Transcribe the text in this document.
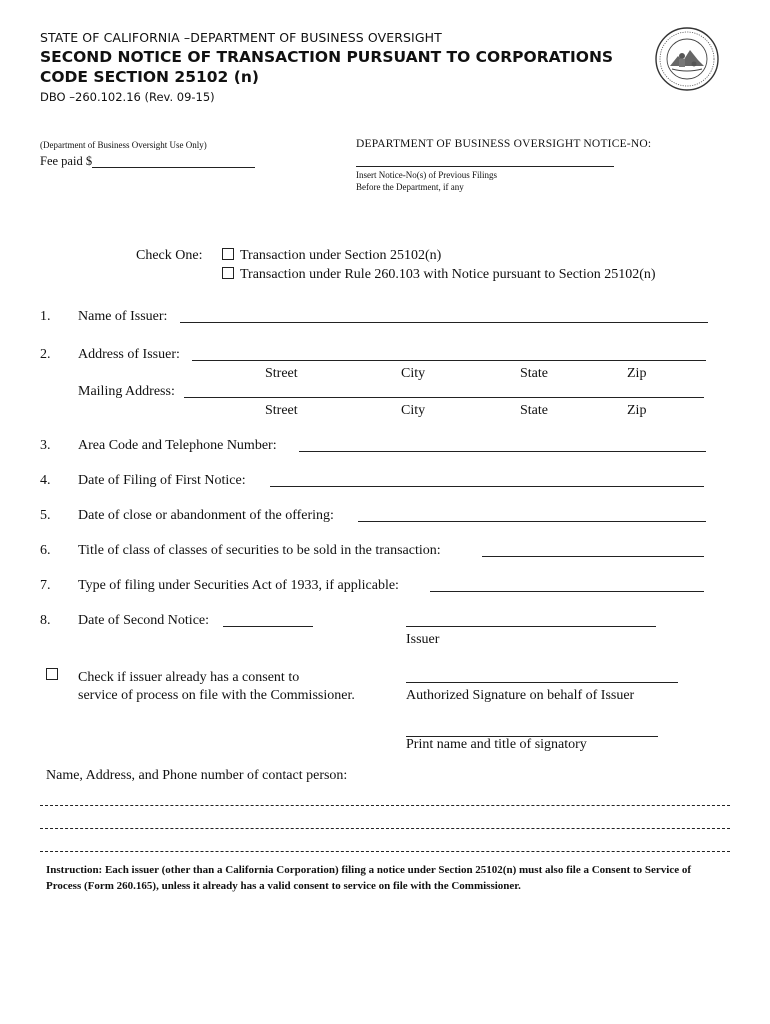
STATE OF CALIFORNIA –DEPARTMENT OF BUSINESS OVERSIGHT
SECOND NOTICE OF TRANSACTION PURSUANT TO CORPORATIONS
CODE SECTION 25102 (n)
DBO –260.102.16 (Rev. 09-15)
(Department of Business Oversight Use Only)
Fee paid $
DEPARTMENT OF BUSINESS OVERSIGHT NOTICE-NO:
Insert Notice-No(s) of Previous Filings
Before the Department, if any
Check One:	Transaction under Section 25102(n)
Transaction under Rule 260.103 with Notice pursuant to Section 25102(n)
1. Name of Issuer:
2. Address of Issuer:
Street	City	State	Zip
Mailing Address:
Street	City	State	Zip
3. Area Code and Telephone Number:
4. Date of Filing of First Notice:
5. Date of close or abandonment of the offering:
6. Title of class of classes of securities to be sold in the transaction:
7. Type of filing under Securities Act of 1933, if applicable:
8. Date of Second Notice:
Issuer
Check if issuer already has a consent to
service of process on file with the Commissioner.	Authorized Signature on behalf of Issuer
Print name and title of signatory
Name, Address, and Phone number of contact person:
Instruction: Each issuer (other than a California Corporation) filing a notice under Section 25102(n) must also file a Consent to Service of Process (Form 260.165), unless it already has a valid consent to service on file with the Commissioner.
